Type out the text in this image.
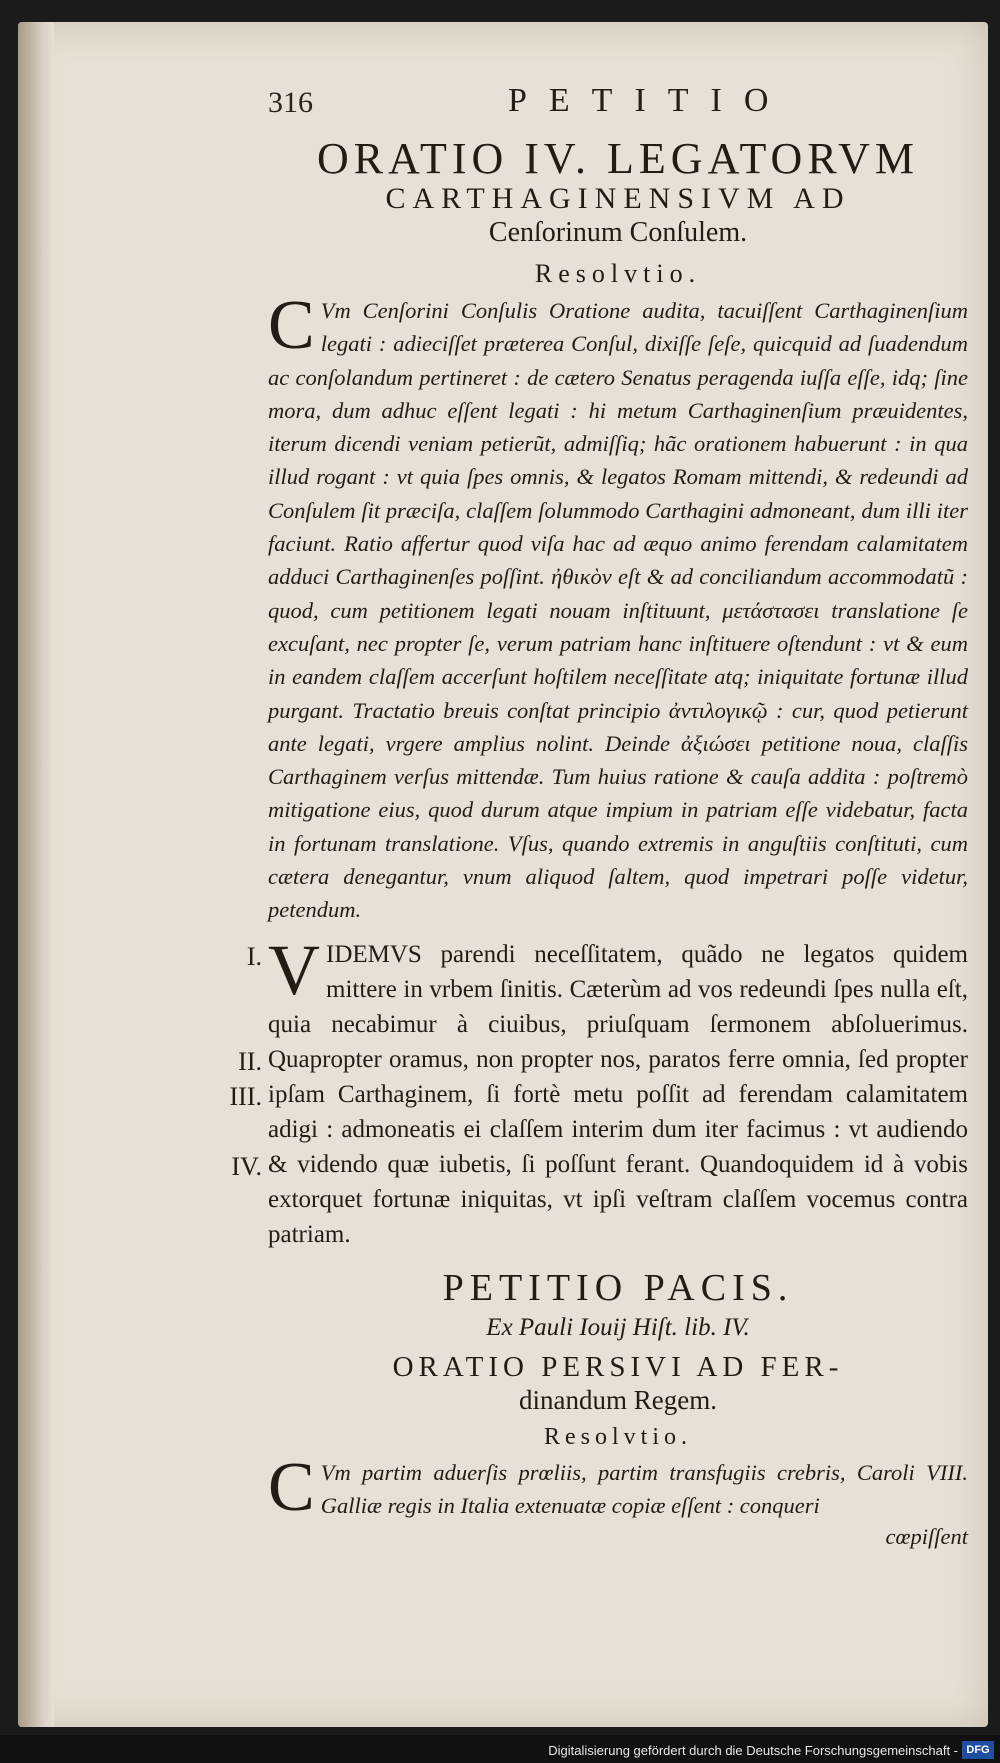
316	PETITIO
ORATIO IV. LEGATORVM
CARTHAGINENSIVM AD
Cenſorinum Conſulem.
Resolvtio.
C Vm Cenſorini Conſulis Oratione audita, tacuiſſent Carthaginenſium legati : adieciſſet præterea Conſul, dixiſſe ſeſe, quicquid ad ſuadendum ac conſolandum pertineret : de cætero Senatus peragenda iuſſa eſſe, idq; ſine mora, dum adhuc eſſent legati : hi metum Carthaginenſium præuidentes, iterum dicendi veniam petierũt, admiſſiq; hãc orationem habuerunt : in qua illud rogant : vt quia ſpes omnis, & legatos Romam mittendi, & redeundi ad Conſulem ſit præciſa, claſſem ſolummodo Carthagini admoneant, dum illi iter faciunt. Ratio affertur quod viſa hac ad æquo animo ferendam calamitatem adduci Carthaginenſes poſſint. ἠθικὸν eſt & ad conciliandum accommodatũ : quod, cum petitionem legati nouam inſtituunt, μετάστασει translatione ſe excuſant, nec propter ſe, verum patriam hanc inſtituere oſtendunt : vt & eum in eandem claſſem accerſunt hoſtilem neceſſitate atq; iniquitate fortunæ illud purgant. Tractatio breuis conſtat principio ἀντιλογικῷ : cur, quod petierunt ante legati, vrgere amplius nolint. Deinde ἀξιώσει petitione noua, claſſis Carthaginem verſus mittendæ. Tum huius ratione & cauſa addita : poſtremò mitigatione eius, quod durum atque impium in patriam eſſe videbatur, facta in fortunam translatione. Vſus, quando extremis in anguſtiis conſtituti, cum cætera denegantur, vnum aliquod ſaltem, quod impetrari poſſe videtur, petendum.
I.
II.
III.
IV.
V IDEMVS parendi neceſſitatem, quãdo ne legatos quidem mittere in vrbem ſinitis. Cæterùm ad vos redeundi ſpes nulla eſt, quia necabimur à ciuibus, priuſquam ſermonem abſoluerimus. Quapropter oramus, non propter nos, paratos ferre omnia, ſed propter ipſam Carthaginem, ſi fortè metu poſſit ad ferendam calamitatem adigi : admoneatis ei claſſem interim dum iter facimus : vt audiendo & videndo quæ iubetis, ſi poſſunt ferant. Quandoquidem id à vobis extorquet fortunæ iniquitas, vt ipſi veſtram claſſem vocemus contra patriam.
PETITIO PACIS.
Ex Pauli Iouij Hiſt. lib. IV.
ORATIO PERSIVI AD FER-
dinandum Regem.
Resolvtio.
C Vm partim aduerſis prœliis, partim transfugiis crebris, Caroli VIII. Galliæ regis in Italia extenuatæ copiæ eſſent : conqueri
cœpiſſent
Digitalisierung gefördert durch die Deutsche Forschungsgemeinschaft - DFG
